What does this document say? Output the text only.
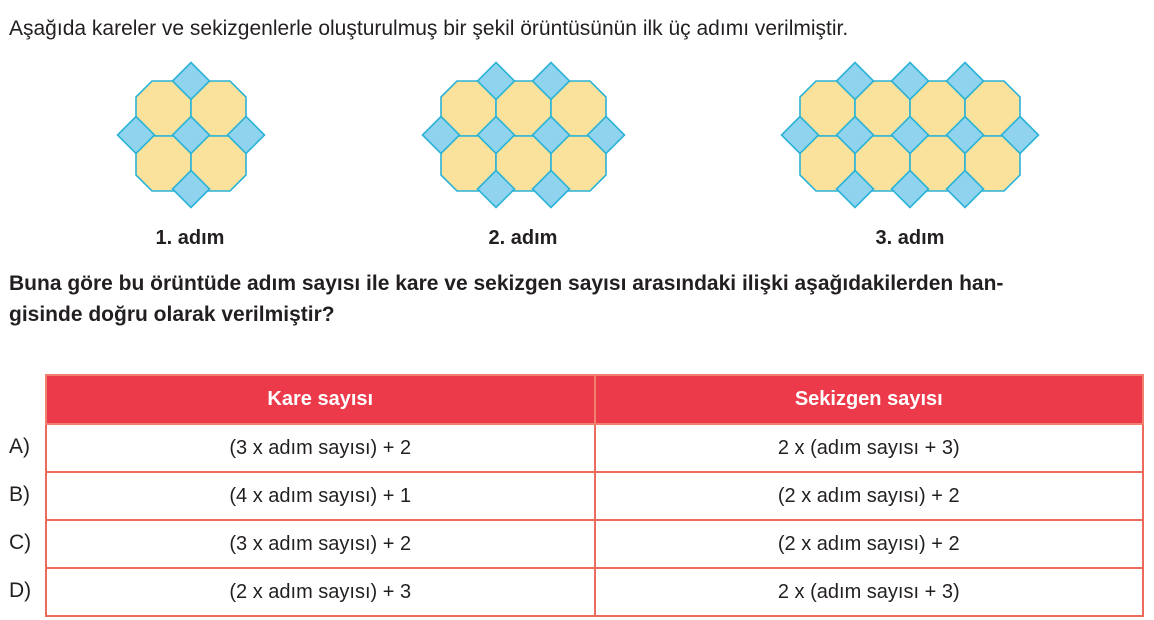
Aşağıda kareler ve sekizgenlerle oluşturulmuş bir şekil örüntüsünün ilk üç adımı verilmiştir.
1. adım	2. adım	3. adım
Buna göre bu örüntüde adım sayısı ile kare ve sekizgen sayısı arasındaki ilişki aşağıdakilerden han-
gisinde doğru olarak verilmiştir?
A)
B)
C)
D)
Kare sayısı	Sekizgen sayısı
(3 x adım sayısı) + 2	2 x (adım sayısı + 3)
(4 x adım sayısı) + 1	(2 x adım sayısı) + 2
(3 x adım sayısı) + 2	(2 x adım sayısı) + 2
(2 x adım sayısı) + 3	2 x (adım sayısı + 3)
